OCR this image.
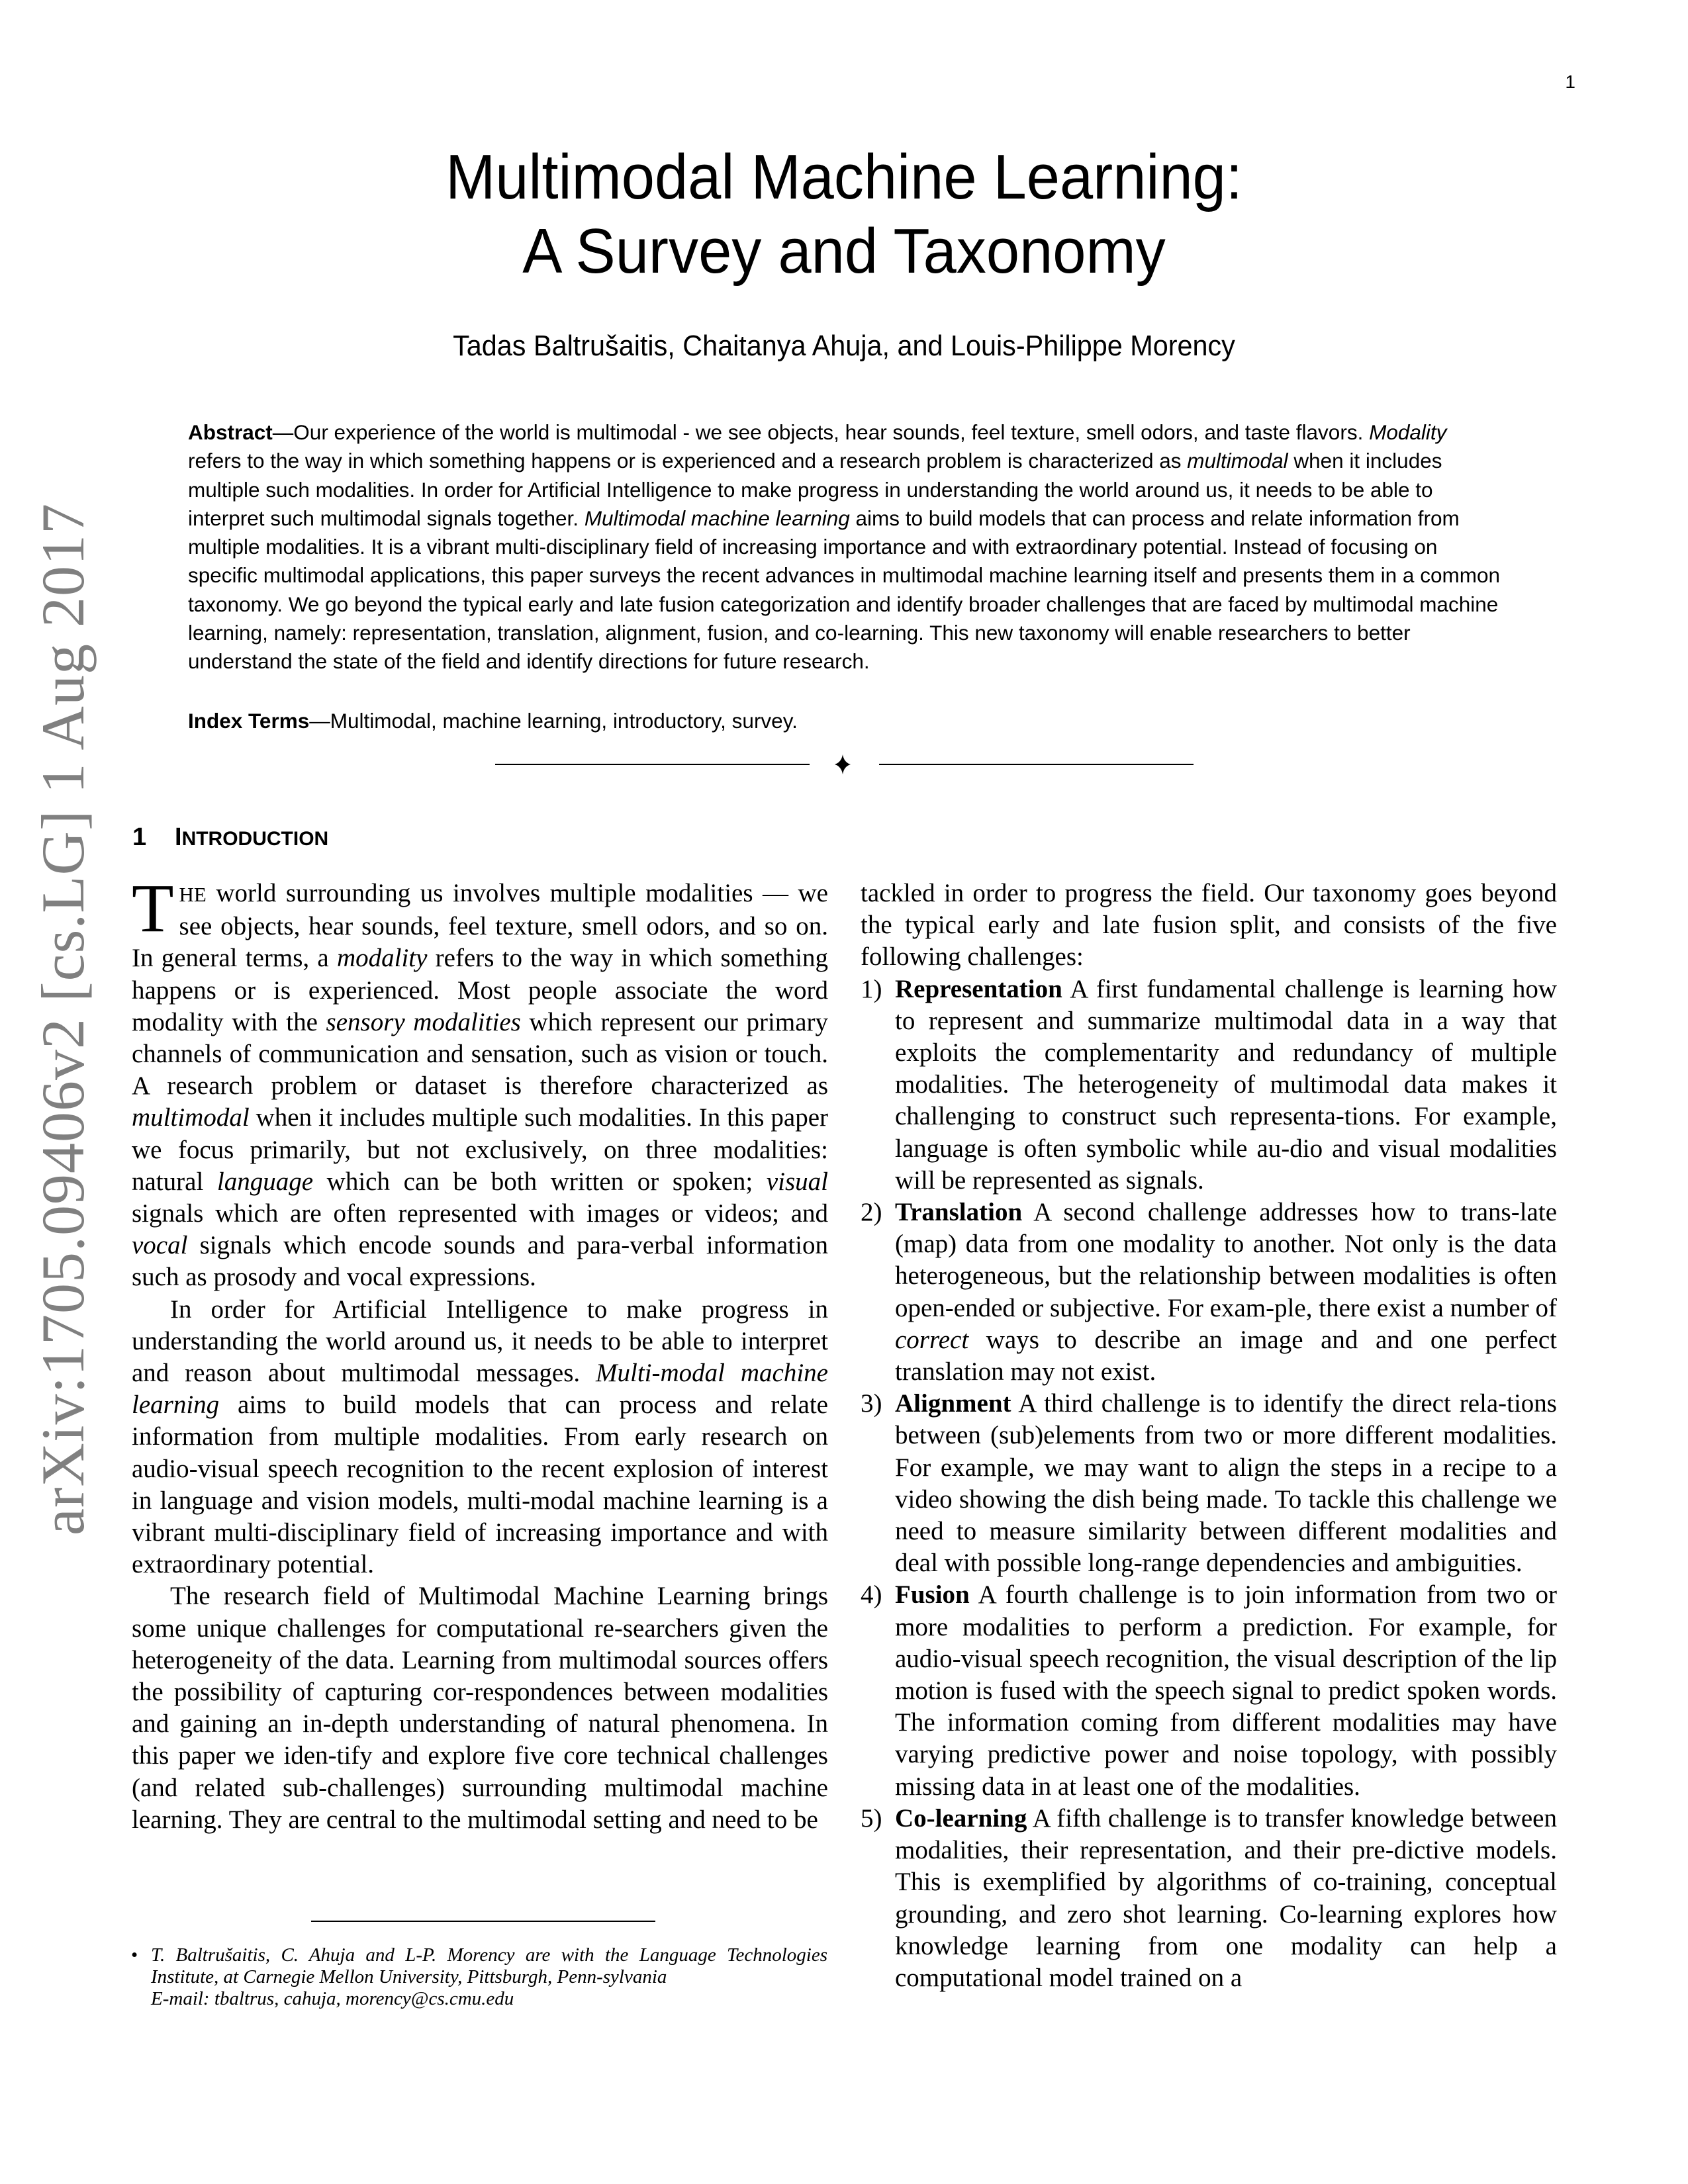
1
arXiv:1705.09406v2 [cs.LG] 1 Aug 2017
Multimodal Machine Learning:
A Survey and Taxonomy
Tadas Baltrušaitis, Chaitanya Ahuja, and Louis-Philippe Morency
Abstract—Our experience of the world is multimodal - we see objects, hear sounds, feel texture, smell odors, and taste flavors. Modality refers to the way in which something happens or is experienced and a research problem is characterized as multimodal when it includes multiple such modalities. In order for Artificial Intelligence to make progress in understanding the world around us, it needs to be able to interpret such multimodal signals together. Multimodal machine learning aims to build models that can process and relate information from multiple modalities. It is a vibrant multi-disciplinary field of increasing importance and with extraordinary potential. Instead of focusing on specific multimodal applications, this paper surveys the recent advances in multimodal machine learning itself and presents them in a common taxonomy. We go beyond the typical early and late fusion categorization and identify broader challenges that are faced by multimodal machine learning, namely: representation, translation, alignment, fusion, and co-learning. This new taxonomy will enable researchers to better understand the state of the field and identify directions for future research.
Index Terms—Multimodal, machine learning, introductory, survey.
1 INTRODUCTION

THE world surrounding us involves multiple modalities — we see objects, hear sounds, feel texture, smell odors, and so on. In general terms, a modality refers to the way in which something happens or is experienced. Most people associate the word modality with the sensory modalities which represent our primary channels of communication and sensation, such as vision or touch. A research problem or dataset is therefore characterized as multimodal when it includes multiple such modalities. In this paper we focus primarily, but not exclusively, on three modalities: natural language which can be both written or spoken; visual signals which are often represented with images or videos; and vocal signals which encode sounds and para-verbal information such as prosody and vocal expressions.

In order for Artificial Intelligence to make progress in understanding the world around us, it needs to be able to interpret and reason about multimodal messages. Multi-modal machine learning aims to build models that can process and relate information from multiple modalities. From early research on audio-visual speech recognition to the recent explosion of interest in language and vision models, multi-modal machine learning is a vibrant multi-disciplinary field of increasing importance and with extraordinary potential.

The research field of Multimodal Machine Learning brings some unique challenges for computational re-searchers given the heterogeneity of the data. Learning from multimodal sources offers the possibility of capturing cor-respondences between modalities and gaining an in-depth understanding of natural phenomena. In this paper we iden-tify and explore five core technical challenges (and related sub-challenges) surrounding multimodal machine learning. They are central to the multimodal setting and need to be

• T. Baltrušaitis, C. Ahuja and L-P. Morency are with the Language Technologies Institute, at Carnegie Mellon University, Pittsburgh, Penn-sylvania
E-mail: tbaltrus, cahuja, morency@cs.cmu.edu

tackled in order to progress the field. Our taxonomy goes beyond the typical early and late fusion split, and consists of the five following challenges:

1) Representation A first fundamental challenge is learning how to represent and summarize multimodal data in a way that exploits the complementarity and redundancy of multiple modalities. The heterogeneity of multimodal data makes it challenging to construct such representa-tions. For example, language is often symbolic while au-dio and visual modalities will be represented as signals.
2) Translation A second challenge addresses how to trans-late (map) data from one modality to another. Not only is the data heterogeneous, but the relationship between modalities is often open-ended or subjective. For exam-ple, there exist a number of correct ways to describe an image and and one perfect translation may not exist.
3) Alignment A third challenge is to identify the direct rela-tions between (sub)elements from two or more different modalities. For example, we may want to align the steps in a recipe to a video showing the dish being made. To tackle this challenge we need to measure similarity between different modalities and deal with possible long-range dependencies and ambiguities.
4) Fusion A fourth challenge is to join information from two or more modalities to perform a prediction. For example, for audio-visual speech recognition, the visual description of the lip motion is fused with the speech signal to predict spoken words. The information coming from different modalities may have varying predictive power and noise topology, with possibly missing data in at least one of the modalities.
5) Co-learning A fifth challenge is to transfer knowledge between modalities, their representation, and their pre-dictive models. This is exemplified by algorithms of co-training, conceptual grounding, and zero shot learning. Co-learning explores how knowledge learning from one modality can help a computational model trained on a
